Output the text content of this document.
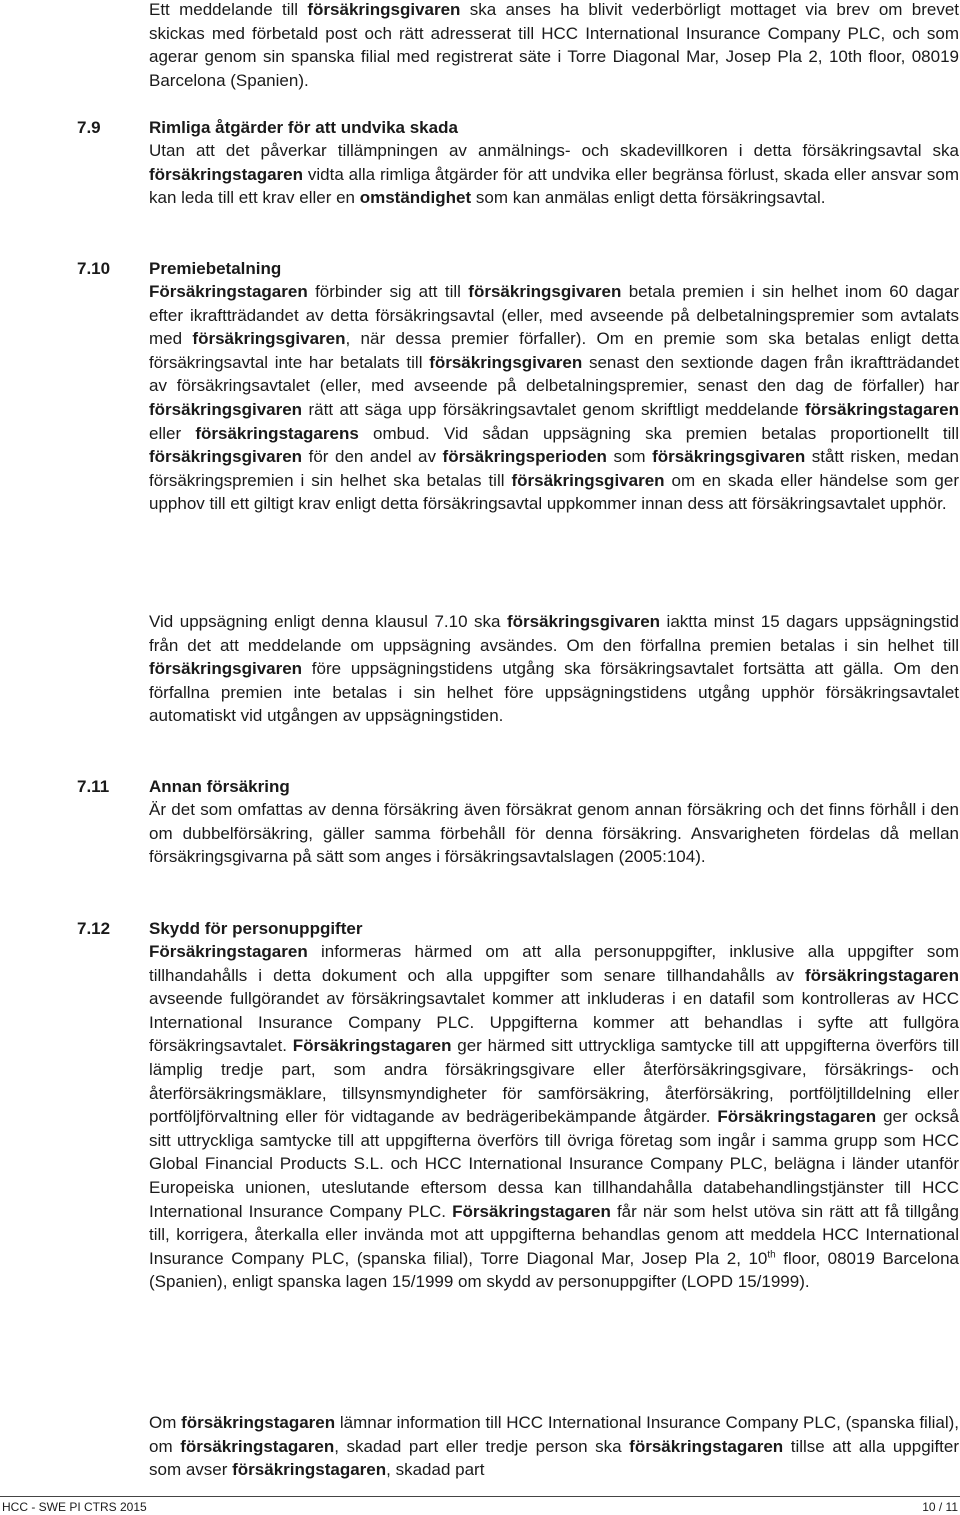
Ett meddelande till försäkringsgivaren ska anses ha blivit vederbörligt mottaget via brev om brevet skickas med förbetald post och rätt adresserat till HCC International Insurance Company PLC, och som agerar genom sin spanska filial med registrerat säte i Torre Diagonal Mar, Josep Pla 2, 10th floor, 08019 Barcelona (Spanien).

7.9	Rimliga åtgärder för att undvika skada

Utan att det påverkar tillämpningen av anmälnings- och skadevillkoren i detta försäkringsavtal ska försäkringstagaren vidta alla rimliga åtgärder för att undvika eller begränsa förlust, skada eller ansvar som kan leda till ett krav eller en omständighet som kan anmälas enligt detta försäkringsavtal.

7.10 Premiebetalning

Försäkringstagaren förbinder sig att till försäkringsgivaren betala premien i sin helhet inom 60 dagar efter ikraftträdandet av detta försäkringsavtal (eller, med avseende på delbetalningspremier som avtalats med försäkringsgivaren, när dessa premier förfaller). Om en premie som ska betalas enligt detta försäkringsavtal inte har betalats till försäkringsgivaren senast den sextionde dagen från ikraftträdandet av försäkringsavtalet (eller, med avseende på delbetalningspremier, senast den dag de förfaller) har försäkringsgivaren rätt att säga upp försäkringsavtalet genom skriftligt meddelande försäkringstagaren eller försäkringstagarens ombud. Vid sådan uppsägning ska premien betalas proportionellt till försäkringsgivaren för den andel av försäkringsperioden som försäkringsgivaren stått risken, medan försäkringspremien i sin helhet ska betalas till försäkringsgivaren om en skada eller händelse som ger upphov till ett giltigt krav enligt detta försäkringsavtal uppkommer innan dess att försäkringsavtalet upphör.

Vid uppsägning enligt denna klausul 7.10 ska försäkringsgivaren iaktta minst 15 dagars uppsägningstid från det att meddelande om uppsägning avsändes. Om den förfallna premien betalas i sin helhet till försäkringsgivaren före uppsägningstidens utgång ska försäkringsavtalet fortsätta att gälla. Om den förfallna premien inte betalas i sin helhet före uppsägningstidens utgång upphör försäkringsavtalet automatiskt vid utgången av uppsägningstiden.

7.11 Annan försäkring

Är det som omfattas av denna försäkring även försäkrat genom annan försäkring och det finns förhåll i den om dubbelförsäkring, gäller samma förbehåll för denna försäkring. Ansvarigheten fördelas då mellan försäkringsgivarna på sätt som anges i försäkringsavtalslagen (2005:104).

7.12 Skydd för personuppgifter

Försäkringstagaren informeras härmed om att alla personuppgifter, inklusive alla uppgifter som tillhandahålls i detta dokument och alla uppgifter som senare tillhandahålls av försäkringstagaren avseende fullgörandet av försäkringsavtalet kommer att inkluderas i en datafil som kontrolleras av HCC International Insurance Company PLC. Uppgifterna kommer att behandlas i syfte att fullgöra försäkringsavtalet. Försäkringstagaren ger härmed sitt uttryckliga samtycke till att uppgifterna överförs till lämplig tredje part, som andra försäkringsgivare eller återförsäkringsgivare, försäkrings- och återförsäkringsmäklare, tillsynsmyndigheter för samförsäkring, återförsäkring, portföljtilldelning eller portföljförvaltning eller för vidtagande av bedrägeribekämpande åtgärder. Försäkringstagaren ger också sitt uttryckliga samtycke till att uppgifterna överförs till övriga företag som ingår i samma grupp som HCC Global Financial Products S.L. och HCC International Insurance Company PLC, belägna i länder utanför Europeiska unionen, uteslutande eftersom dessa kan tillhandahålla databehandlingstjänster till HCC International Insurance Company PLC. Försäkringstagaren får när som helst utöva sin rätt att få tillgång till, korrigera, återkalla eller invända mot att uppgifterna behandlas genom att meddela HCC International Insurance Company PLC, (spanska filial), Torre Diagonal Mar, Josep Pla 2, 10th floor, 08019 Barcelona (Spanien), enligt spanska lagen 15/1999 om skydd av personuppgifter (LOPD 15/1999).

Om försäkringstagaren lämnar information till HCC International Insurance Company PLC, (spanska filial), om försäkringstagaren, skadad part eller tredje person ska försäkringstagaren tillse att alla uppgifter som avser försäkringstagaren, skadad part

HCC - SWE PI CTRS 2015	10 / 11
